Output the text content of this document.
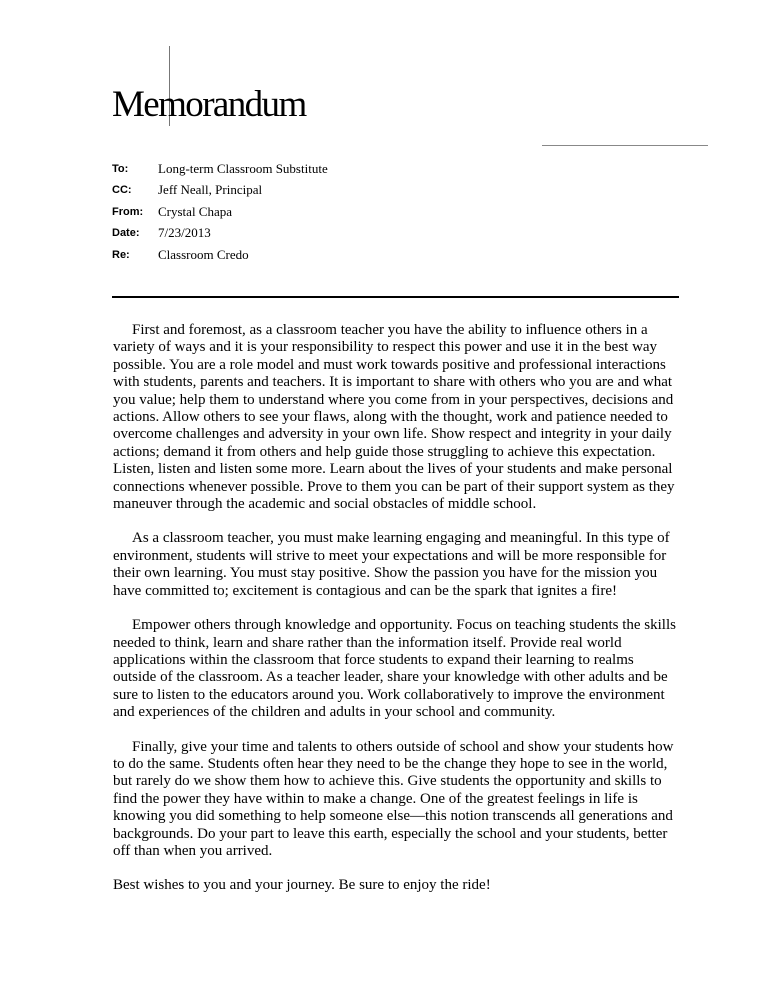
Memorandum
To:	Long-term Classroom Substitute
CC:	Jeff Neall, Principal
From:	Crystal Chapa
Date:	7/23/2013
Re:	Classroom Credo

First and foremost, as a classroom teacher you have the ability to influence others in a variety of ways and it is your responsibility to respect this power and use it in the best way possible. You are a role model and must work towards positive and professional interactions with students, parents and teachers. It is important to share with others who you are and what you value; help them to understand where you come from in your perspectives, decisions and actions. Allow others to see your flaws, along with the thought, work and patience needed to overcome challenges and adversity in your own life. Show respect and integrity in your daily actions; demand it from others and help guide those struggling to achieve this expectation. Listen, listen and listen some more. Learn about the lives of your students and make personal connections whenever possible. Prove to them you can be part of their support system as they maneuver through the academic and social obstacles of middle school.

As a classroom teacher, you must make learning engaging and meaningful. In this type of environment, students will strive to meet your expectations and will be more responsible for their own learning. You must stay positive. Show the passion you have for the mission you have committed to; excitement is contagious and can be the spark that ignites a fire!

Empower others through knowledge and opportunity. Focus on teaching students the skills needed to think, learn and share rather than the information itself. Provide real world applications within the classroom that force students to expand their learning to realms outside of the classroom. As a teacher leader, share your knowledge with other adults and be sure to listen to the educators around you. Work collaboratively to improve the environment and experiences of the children and adults in your school and community.

Finally, give your time and talents to others outside of school and show your students how to do the same. Students often hear they need to be the change they hope to see in the world, but rarely do we show them how to achieve this. Give students the opportunity and skills to find the power they have within to make a change. One of the greatest feelings in life is knowing you did something to help someone else—this notion transcends all generations and backgrounds. Do your part to leave this earth, especially the school and your students, better off than when you arrived.

Best wishes to you and your journey. Be sure to enjoy the ride!
